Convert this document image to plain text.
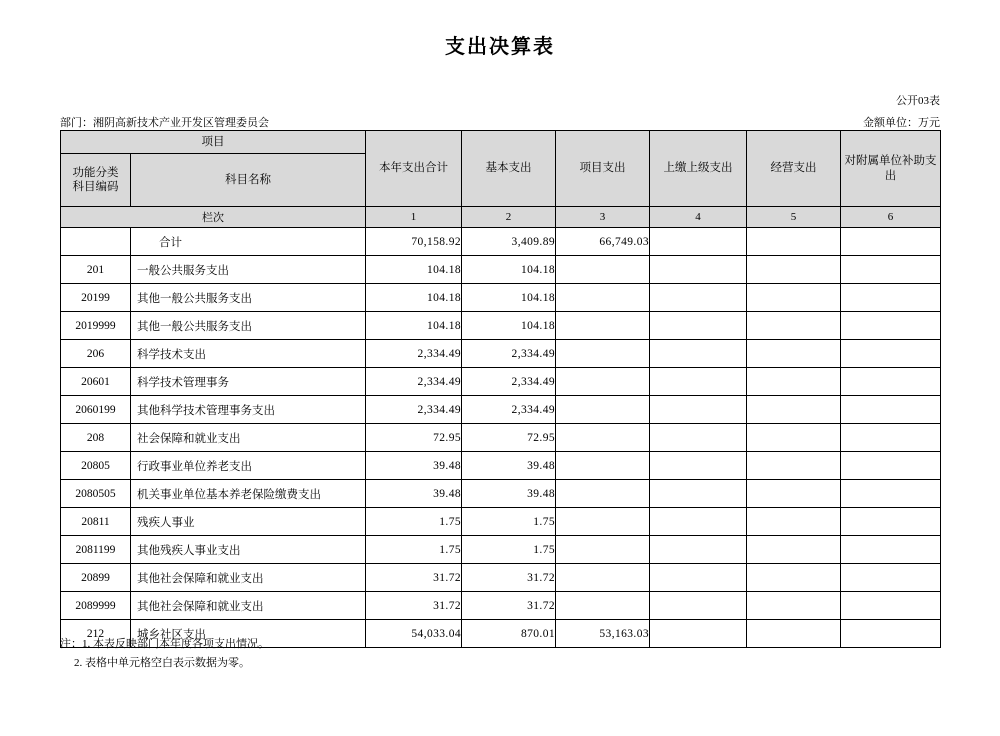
支出决算表
公开03表
部门：湘阴高新技术产业开发区管理委员会	金额单位：万元
项目		本年支出合计	基本支出	项目支出	上缴上级支出	经营支出	对附属单位补助支出

功能分类
科目编码	科目名称						
栏次		1	2	3	4	5	6
	合计	70,158.92	3,409.89	66,749.03			
201	一般公共服务支出	104.18	104.18				
20199	其他一般公共服务支出	104.18	104.18				
2019999	其他一般公共服务支出	104.18	104.18				
206	科学技术支出	2,334.49	2,334.49				
20601	科学技术管理事务	2,334.49	2,334.49				
2060199	其他科学技术管理事务支出	2,334.49	2,334.49				
208	社会保障和就业支出	72.95	72.95				
20805	行政事业单位养老支出	39.48	39.48				
2080505	机关事业单位基本养老保险缴费支出	39.48	39.48				
20811	残疾人事业	1.75	1.75				
2081199	其他残疾人事业支出	1.75	1.75				
20899	其他社会保障和就业支出	31.72	31.72				
2089999	其他社会保障和就业支出	31.72	31.72				
212	城乡社区支出	54,033.04	870.01	53,163.03			
注：1. 本表反映部门本年度各项支出情况。
2. 表格中单元格空白表示数据为零。
